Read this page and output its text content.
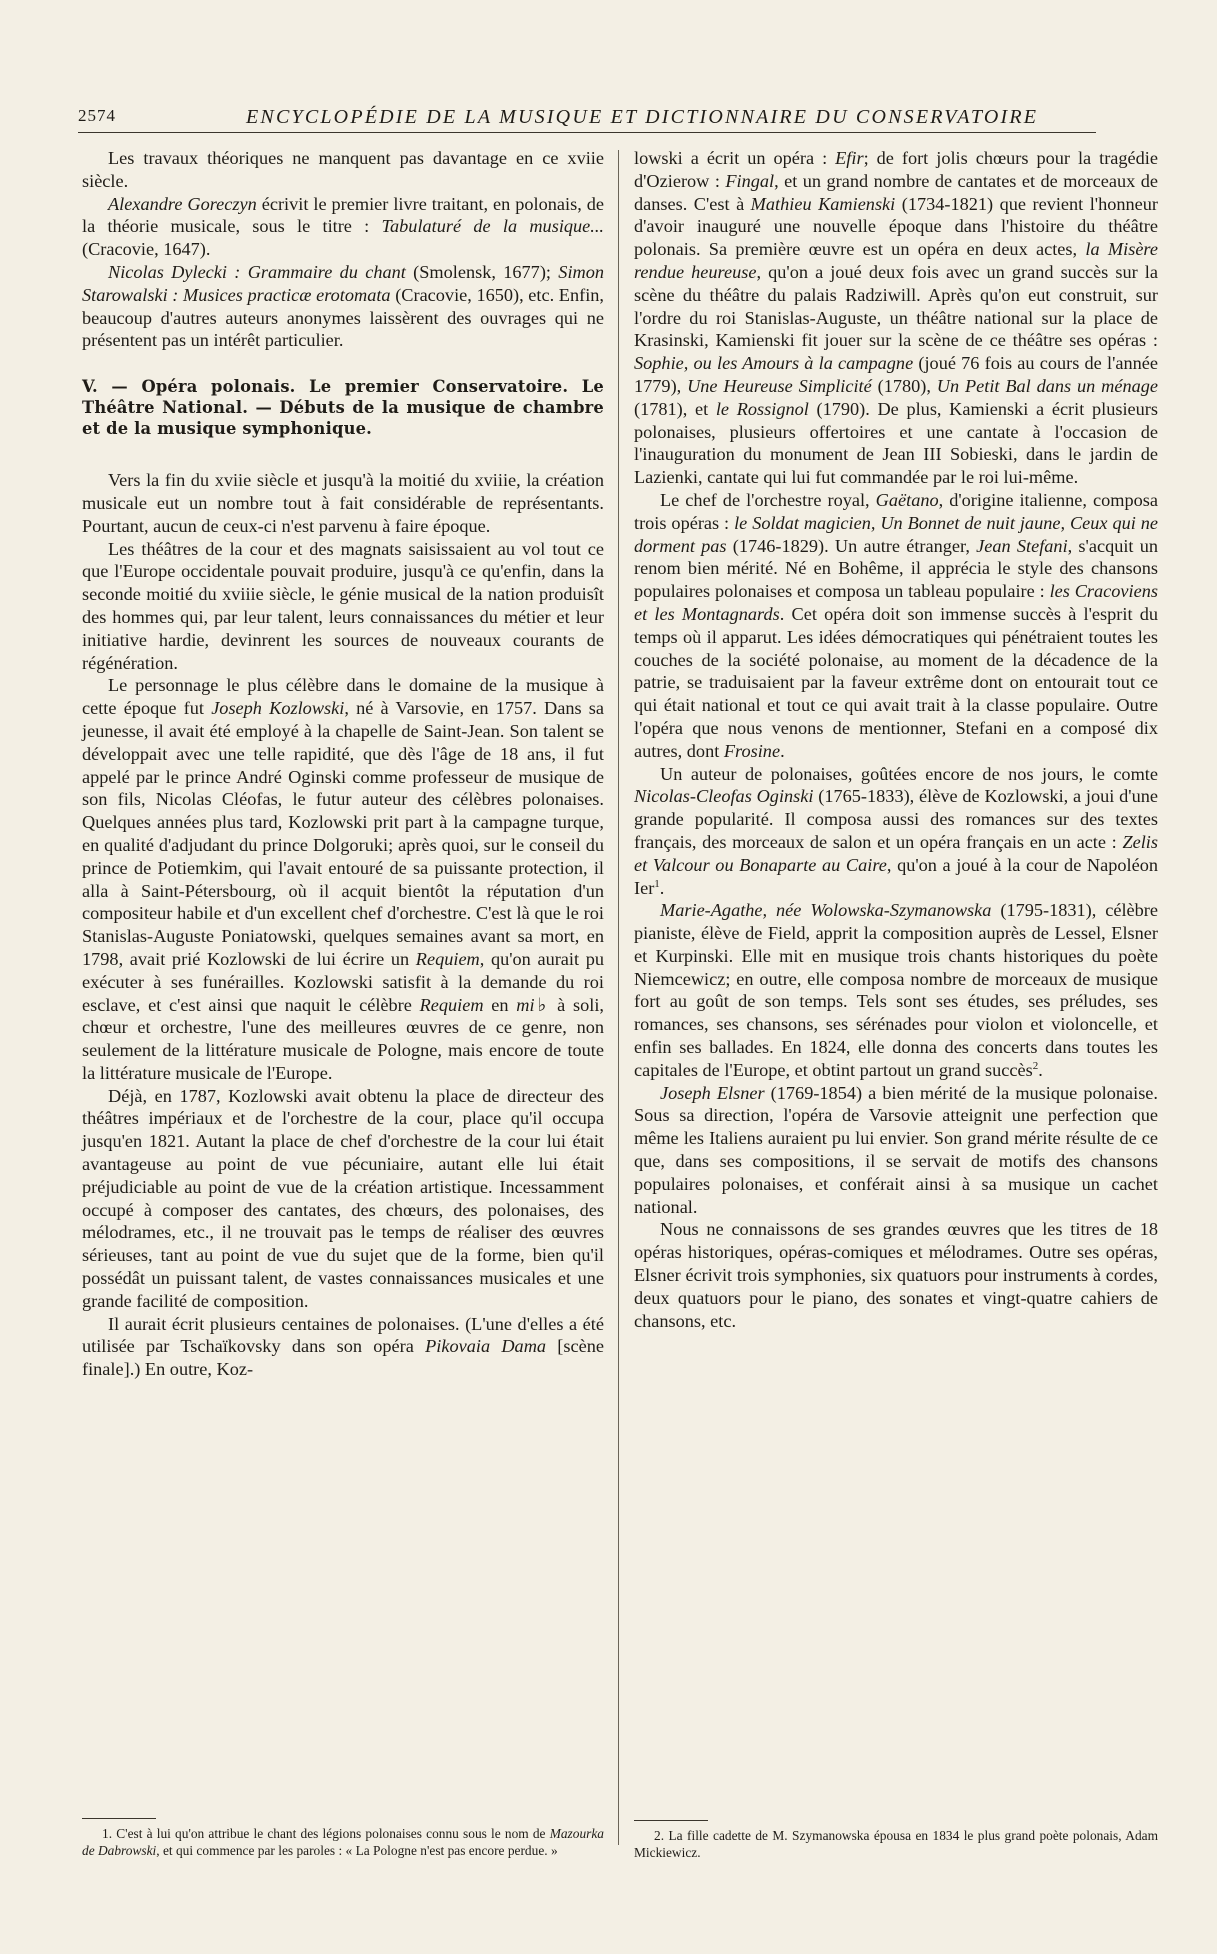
2574	ENCYCLOPÉDIE DE LA MUSIQUE ET DICTIONNAIRE DU CONSERVATOIRE

Les travaux théoriques ne manquent pas davantage en ce xviie siècle.

Alexandre Goreczyn écrivit le premier livre traitant, en polonais, de la théorie musicale, sous le titre : Tabulaturé de la musique... (Cracovie, 1647).

Nicolas Dylecki : Grammaire du chant (Smolensk, 1677); Simon Starowalski : Musices practicæ erotomata (Cracovie, 1650), etc. Enfin, beaucoup d'autres auteurs anonymes laissèrent des ouvrages qui ne présentent pas un intérêt particulier.

V. — Opéra polonais. Le premier Conservatoire. Le Théâtre National. — Débuts de la musique de chambre et de la musique symphonique.

Vers la fin du xviie siècle et jusqu'à la moitié du xviiie, la création musicale eut un nombre tout à fait considérable de représentants. Pourtant, aucun de ceux-ci n'est parvenu à faire époque.

Les théâtres de la cour et des magnats saisissaient au vol tout ce que l'Europe occidentale pouvait produire, jusqu'à ce qu'enfin, dans la seconde moitié du xviiie siècle, le génie musical de la nation produisît des hommes qui, par leur talent, leurs connaissances du métier et leur initiative hardie, devinrent les sources de nouveaux courants de régénération.

Le personnage le plus célèbre dans le domaine de la musique à cette époque fut Joseph Kozlowski, né à Varsovie, en 1757. Dans sa jeunesse, il avait été employé à la chapelle de Saint-Jean. Son talent se développait avec une telle rapidité, que dès l'âge de 18 ans, il fut appelé par le prince André Oginski comme professeur de musique de son fils, Nicolas Cléofas, le futur auteur des célèbres polonaises. Quelques années plus tard, Kozlowski prit part à la campagne turque, en qualité d'adjudant du prince Dolgoruki; après quoi, sur le conseil du prince de Potiemkim, qui l'avait entouré de sa puissante protection, il alla à Saint-Pétersbourg, où il acquit bientôt la réputation d'un compositeur habile et d'un excellent chef d'orchestre. C'est là que le roi Stanislas-Auguste Poniatowski, quelques semaines avant sa mort, en 1798, avait prié Kozlowski de lui écrire un Requiem, qu'on aurait pu exécuter à ses funérailles. Kozlowski satisfit à la demande du roi esclave, et c'est ainsi que naquit le célèbre Requiem en mi♭ à soli, chœur et orchestre, l'une des meilleures œuvres de ce genre, non seulement de la littérature musicale de Pologne, mais encore de toute la littérature musicale de l'Europe.

Déjà, en 1787, Kozlowski avait obtenu la place de directeur des théâtres impériaux et de l'orchestre de la cour, place qu'il occupa jusqu'en 1821. Autant la place de chef d'orchestre de la cour lui était avantageuse au point de vue pécuniaire, autant elle lui était préjudiciable au point de vue de la création artistique. Incessamment occupé à composer des cantates, des chœurs, des polonaises, des mélodrames, etc., il ne trouvait pas le temps de réaliser des œuvres sérieuses, tant au point de vue du sujet que de la forme, bien qu'il possédât un puissant talent, de vastes connaissances musicales et une grande facilité de composition.

Il aurait écrit plusieurs centaines de polonaises. (L'une d'elles a été utilisée par Tschaïkovsky dans son opéra Pikovaia Dama [scène finale].) En outre, Koz-

1. C'est à lui qu'on attribue le chant des légions polonaises connu sous le nom de Mazourka de Dabrowski, et qui commence par les paroles : « La Pologne n'est pas encore perdue. »

lowski a écrit un opéra : Efir; de fort jolis chœurs pour la tragédie d'Ozierow : Fingal, et un grand nombre de cantates et de morceaux de danses. C'est à Mathieu Kamienski (1734-1821) que revient l'honneur d'avoir inauguré une nouvelle époque dans l'histoire du théâtre polonais. Sa première œuvre est un opéra en deux actes, la Misère rendue heureuse, qu'on a joué deux fois avec un grand succès sur la scène du théâtre du palais Radziwill. Après qu'on eut construit, sur l'ordre du roi Stanislas-Auguste, un théâtre national sur la place de Krasinski, Kamienski fit jouer sur la scène de ce théâtre ses opéras : Sophie, ou les Amours à la campagne (joué 76 fois au cours de l'année 1779), Une Heureuse Simplicité (1780), Un Petit Bal dans un ménage (1781), et le Rossignol (1790). De plus, Kamienski a écrit plusieurs polonaises, plusieurs offertoires et une cantate à l'occasion de l'inauguration du monument de Jean III Sobieski, dans le jardin de Lazienki, cantate qui lui fut commandée par le roi lui-même.

Le chef de l'orchestre royal, Gaëtano, d'origine italienne, composa trois opéras : le Soldat magicien, Un Bonnet de nuit jaune, Ceux qui ne dorment pas (1746-1829). Un autre étranger, Jean Stefani, s'acquit un renom bien mérité. Né en Bohême, il apprécia le style des chansons populaires polonaises et composa un tableau populaire : les Cracoviens et les Montagnards. Cet opéra doit son immense succès à l'esprit du temps où il apparut. Les idées démocratiques qui pénétraient toutes les couches de la société polonaise, au moment de la décadence de la patrie, se traduisaient par la faveur extrême dont on entourait tout ce qui était national et tout ce qui avait trait à la classe populaire. Outre l'opéra que nous venons de mentionner, Stefani en a composé dix autres, dont Frosine.

Un auteur de polonaises, goûtées encore de nos jours, le comte Nicolas-Cleofas Oginski (1765-1833), élève de Kozlowski, a joui d'une grande popularité. Il composa aussi des romances sur des textes français, des morceaux de salon et un opéra français en un acte : Zelis et Valcour ou Bonaparte au Caire, qu'on a joué à la cour de Napoléon Ier$^1$.

Marie-Agathe, née Wolowska-Szymanowska (1795-1831), célèbre pianiste, élève de Field, apprit la composition auprès de Lessel, Elsner et Kurpinski. Elle mit en musique trois chants historiques du poète Niemcewicz; en outre, elle composa nombre de morceaux de musique fort au goût de son temps. Tels sont ses études, ses préludes, ses romances, ses chansons, ses sérénades pour violon et violoncelle, et enfin ses ballades. En 1824, elle donna des concerts dans toutes les capitales de l'Europe, et obtint partout un grand succès$^2$.

Joseph Elsner (1769-1854) a bien mérité de la musique polonaise. Sous sa direction, l'opéra de Varsovie atteignit une perfection que même les Italiens auraient pu lui envier. Son grand mérite résulte de ce que, dans ses compositions, il se servait de motifs des chansons populaires polonaises, et conférait ainsi à sa musique un cachet national.

Nous ne connaissons de ses grandes œuvres que les titres de 18 opéras historiques, opéras-comiques et mélodrames. Outre ses opéras, Elsner écrivit trois symphonies, six quatuors pour instruments à cordes, deux quatuors pour le piano, des sonates et vingt-quatre cahiers de chansons, etc.

2. La fille cadette de M. Szymanowska épousa en 1834 le plus grand poète polonais, Adam Mickiewicz.
